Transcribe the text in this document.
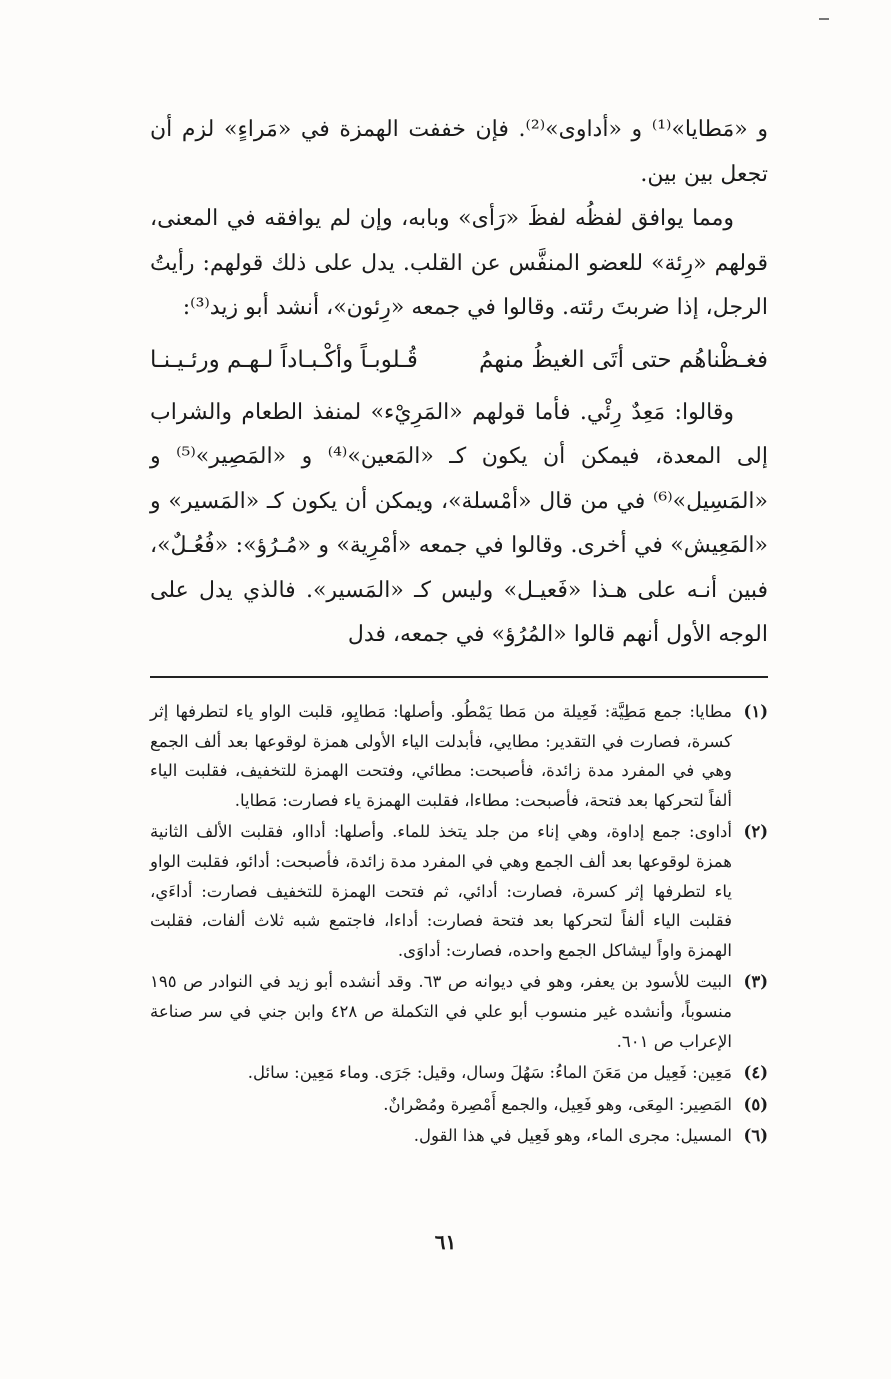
و «مَطايا»⁽¹⁾ و «أداوى»⁽²⁾. فإن خففت الهمزة في «مَراءٍ» لزم أن تجعل بين بين.

ومما يوافق لفظُه لفظَ «رَأى» وبابه، وإن لم يوافقه في المعنى، قولهم «رِئة» للعضو المنفَّس عن القلب. يدل على ذلك قولهم: رأيتُ الرجل، إذا ضربتَ رئته. وقالوا في جمعه «رِئون»، أنشد أبو زيد⁽³⁾:

فغـظْناهُم حتى أتَى الغيظُ منهمُ
قُـلوبـاً وأكْـبـاداً لـهـم ورئـيـنـا

وقالوا: مَعِدٌ رِئْي. فأما قولهم «المَرِيْء» لمنفذ الطعام والشراب إلى المعدة، فيمكن أن يكون كـ «المَعين»⁽⁴⁾ و «المَصِير»⁽⁵⁾ و «المَسِيل»⁽⁶⁾ في من قال «أمْسلة»، ويمكن أن يكون كـ «المَسير» و «المَعِيش» في أخرى. وقالوا في جمعه «أمْرِية» و «مُـرُؤ»: «فُعُـلٌ»، فبين أنـه على هـذا «فَعيـل» وليس كـ «المَسير». فالذي يدل على الوجه الأول أنهم قالوا «المُرُؤ» في جمعه، فدل

(١)
مطايا: جمع مَطِيَّة: فَعِيلة من مَطا يَمْطُو. وأصلها: مَطايِو، قلبت الواو ياء لتطرفها إثر كسرة، فصارت في التقدير: مطايي، فأبدلت الياء الأولى همزة لوقوعها بعد ألف الجمع وهي في المفرد مدة زائدة، فأصبحت: مطائي، وفتحت الهمزة للتخفيف، فقلبت الياء ألفاً لتحركها بعد فتحة، فأصبحت: مطاءا، فقلبت الهمزة ياء فصارت: مَطايا.
(٢)
أداوى: جمع إداوة، وهي إناء من جلد يتخذ للماء. وأصلها: أدااو، فقلبت الألف الثانية همزة لوقوعها بعد ألف الجمع وهي في المفرد مدة زائدة، فأصبحت: أدائو، فقلبت الواو ياء لتطرفها إثر كسرة، فصارت: أدائي، ثم فتحت الهمزة للتخفيف فصارت: أداءَي، فقلبت الياء ألفاً لتحركها بعد فتحة فصارت: أداءا، فاجتمع شبه ثلاث ألفات، فقلبت الهمزة واواً ليشاكل الجمع واحده، فصارت: أداوَى.
(٣)
البيت للأسود بن يعفر، وهو في ديوانه ص ٦٣. وقد أنشده أبو زيد في النوادر ص ١٩٥ منسوباً، وأنشده غير منسوب أبو علي في التكملة ص ٤٢٨ وابن جني في سر صناعة الإعراب ص ٦٠١.
(٤)
مَعِين: فَعِيل من مَعَنَ الماءُ: سَهُلَ وسال، وقيل: جَرَى. وماء مَعِين: سائل.
(٥)
المَصِير: المِعَى، وهو فَعِيل، والجمع أَمْصِرة ومُصْرانٌ.
(٦)
المسيل: مجرى الماء، وهو فَعِيل في هذا القول.
٦١
